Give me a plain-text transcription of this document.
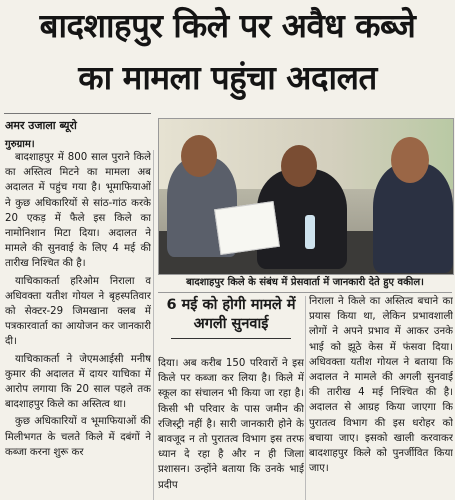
बादशाहपुर किले पर अवैध कब्जे
का मामला पहुंचा अदालत
अमर उजाला ब्यूरो
गुरुग्राम।

बादशाहपुर में 800 साल पुराने किले का अस्तित्व मिटने का मामला अब अदालत में पहुंच गया है। भूमाफियाओं ने कुछ अधिकारियों से सांठ-गांठ करके 20 एकड़ में फैले इस किले का नामोनिशान मिटा दिया। अदालत ने मामले की सुनवाई के लिए 4 मई की तारीख निश्चित की है।

याचिकाकर्ता हरिओम निराला व अधिवक्ता यतीश गोयल ने बृहस्पतिवार को सेक्टर-29 जिमखाना क्लब में पत्रकारवार्ता का आयोजन कर जानकारी दी।

याचिकाकर्ता ने जेएमआईसी मनीष कुमार की अदालत में दायर याचिका में आरोप लगाया कि 20 साल पहले तक बादशाहपुर किले का अस्तित्व था।

कुछ अधिकारियों व भूमाफियाओं की मिलीभगत के चलते किले में दबंगों ने कब्जा करना शुरू कर

बादशाहपुर किले के संबंध में प्रेसवार्ता में जानकारी देते हुए वकील।
6 मई को होगी मामले में
अगली सुनवाई

दिया। अब करीब 150 परिवारों ने इस किले पर कब्जा कर लिया है। किले में स्कूल का संचालन भी किया जा रहा है। किसी भी परिवार के पास जमीन की रजिस्ट्री नहीं है। सारी जानकारी होने के बावजूद न तो पुरातत्व विभाग इस तरफ ध्यान दे रहा है और न ही जिला प्रशासन। उन्होंने बताया कि उनके भाई प्रदीप

निराला ने किले का अस्तित्व बचाने का प्रयास किया था, लेकिन प्रभावशाली लोगों ने अपने प्रभाव में आकर उनके भाई को झूठे केस में फंसवा दिया। अधिवक्ता यतीश गोयल ने बताया कि अदालत ने मामले की अगली सुनवाई की तारीख 4 मई निश्चित की है। अदालत से आग्रह किया जाएगा कि पुरातत्व विभाग की इस धरोहर को बचाया जाए। इसको खाली करवाकर बादशाहपुर किले को पुनर्जीवित किया जाए।
